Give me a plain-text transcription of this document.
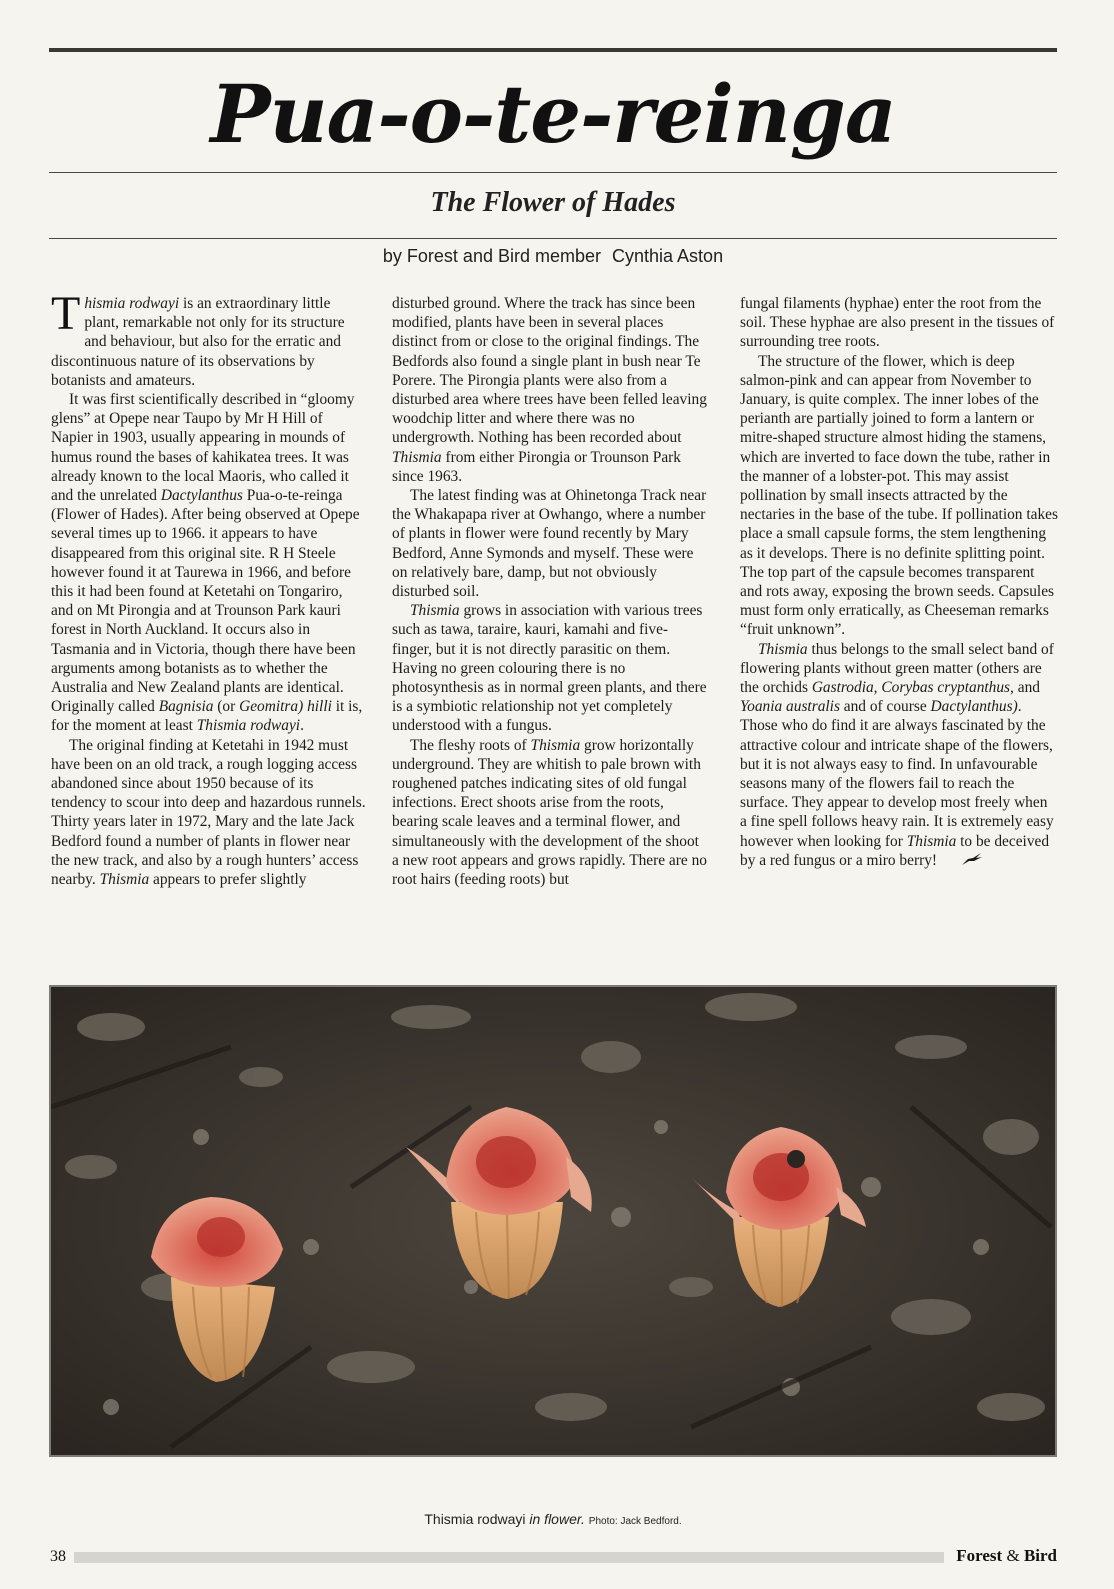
Pua-o-te-reinga
The Flower of Hades
by Forest and Bird member Cynthia Aston

Thismia rodwayi is an extraordinary little plant, remarkable not only for its structure and behaviour, but also for the erratic and discontinuous nature of its observations by botanists and amateurs.

It was first scientifically described in “gloomy glens” at Opepe near Taupo by Mr H Hill of Napier in 1903, usually appearing in mounds of humus round the bases of kahikatea trees. It was already known to the local Maoris, who called it and the unrelated Dactylanthus Pua-o-te-reinga (Flower of Hades). After being observed at Opepe several times up to 1966. it appears to have disappeared from this original site. R H Steele however found it at Taurewa in 1966, and before this it had been found at Ketetahi on Tongariro, and on Mt Pirongia and at Trounson Park kauri forest in North Auckland. It occurs also in Tasmania and in Victoria, though there have been arguments among botanists as to whether the Australia and New Zealand plants are identical. Originally called Bagnisia (or Geomitra) hilli it is, for the moment at least Thismia rodwayi.

The original finding at Ketetahi in 1942 must have been on an old track, a rough logging access abandoned since about 1950 because of its tendency to scour into deep and hazardous runnels. Thirty years later in 1972, Mary and the late Jack Bedford found a number of plants in flower near the new track, and also by a rough hunters’ access nearby. Thismia appears to prefer slightly

disturbed ground. Where the track has since been modified, plants have been in several places distinct from or close to the original findings. The Bedfords also found a single plant in bush near Te Porere. The Pirongia plants were also from a disturbed area where trees have been felled leaving woodchip litter and where there was no undergrowth. Nothing has been recorded about Thismia from either Pirongia or Trounson Park since 1963.

The latest finding was at Ohinetonga Track near the Whakapapa river at Owhango, where a number of plants in flower were found recently by Mary Bedford, Anne Symonds and myself. These were on relatively bare, damp, but not obviously disturbed soil.

Thismia grows in association with various trees such as tawa, taraire, kauri, kamahi and five-finger, but it is not directly parasitic on them. Having no green colouring there is no photosynthesis as in normal green plants, and there is a symbiotic relationship not yet completely understood with a fungus.

The fleshy roots of Thismia grow horizontally underground. They are whitish to pale brown with roughened patches indicating sites of old fungal infections. Erect shoots arise from the roots, bearing scale leaves and a terminal flower, and simultaneously with the development of the shoot a new root appears and grows rapidly. There are no root hairs (feeding roots) but

fungal filaments (hyphae) enter the root from the soil. These hyphae are also present in the tissues of surrounding tree roots.

The structure of the flower, which is deep salmon-pink and can appear from November to January, is quite complex. The inner lobes of the perianth are partially joined to form a lantern or mitre-shaped structure almost hiding the stamens, which are inverted to face down the tube, rather in the manner of a lobster-pot. This may assist pollination by small insects attracted by the nectaries in the base of the tube. If pollination takes place a small capsule forms, the stem lengthening as it develops. There is no definite splitting point. The top part of the capsule becomes transparent and rots away, exposing the brown seeds. Capsules must form only erratically, as Cheeseman remarks “fruit unknown”.

Thismia thus belongs to the small select band of flowering plants without green matter (others are the orchids Gastrodia, Corybas cryptanthus, and Yoania australis and of course Dactylanthus). Those who do find it are always fascinated by the attractive colour and intricate shape of the flowers, but it is not always easy to find. In unfavourable seasons many of the flowers fail to reach the surface. They appear to develop most freely when a fine spell follows heavy rain. It is extremely easy however when looking for Thismia to be deceived by a red fungus or a miro berry!

Thismia rodwayi in flower. Photo: Jack Bedford.
38	Forest & Bird
